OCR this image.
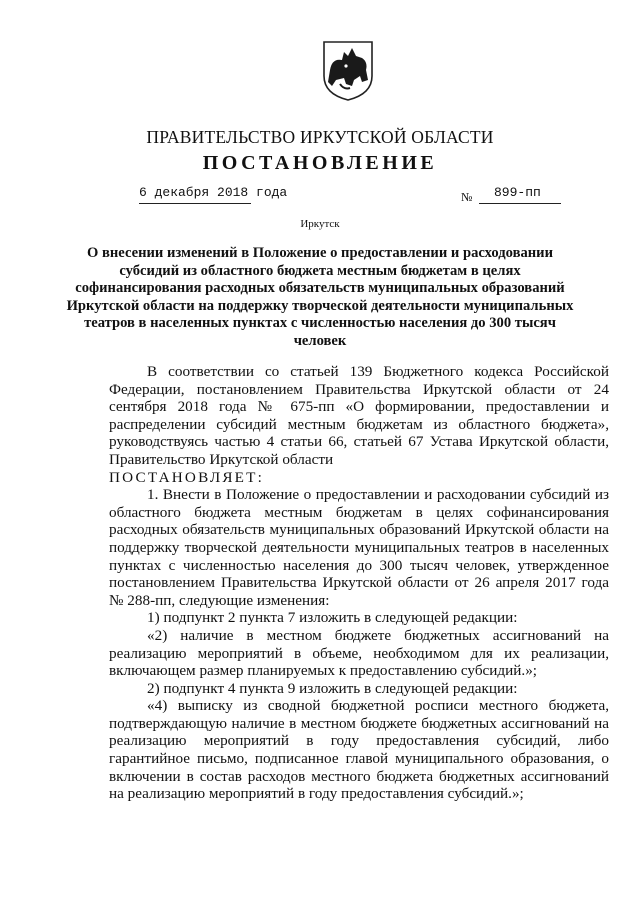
ПРАВИТЕЛЬСТВО ИРКУТСКОЙ ОБЛАСТИ
ПОСТАНОВЛЕНИЕ
6 декабря 2018 года	№ 899-пп
Иркутск
О внесении изменений в Положение о предоставлении и расходовании субсидий из областного бюджета местным бюджетам в целях софинансирования расходных обязательств муниципальных образований Иркутской области на поддержку творческой деятельности муниципальных театров в населенных пунктах с численностью населения до 300 тысяч человек

В соответствии со статьей 139 Бюджетного кодекса Российской Федерации, постановлением Правительства Иркутской области от 24 сентября 2018 года № 675-пп «О формировании, предоставлении и распределении субсидий местным бюджетам из областного бюджета», руководствуясь частью 4 статьи 66, статьей 67 Устава Иркутской области, Правительство Иркутской области

ПОСТАНОВЛЯЕТ:

1. Внести в Положение о предоставлении и расходовании субсидий из областного бюджета местным бюджетам в целях софинансирования расходных обязательств муниципальных образований Иркутской области на поддержку творческой деятельности муниципальных театров в населенных пунктах с численностью населения до 300 тысяч человек, утвержденное постановлением Правительства Иркутской области от 26 апреля 2017 года № 288-пп, следующие изменения:

1) подпункт 2 пункта 7 изложить в следующей редакции:

«2) наличие в местном бюджете бюджетных ассигнований на реализацию мероприятий в объеме, необходимом для их реализации, включающем размер планируемых к предоставлению субсидий.»;

2) подпункт 4 пункта 9 изложить в следующей редакции:

«4) выписку из сводной бюджетной росписи местного бюджета, подтверждающую наличие в местном бюджете бюджетных ассигнований на реализацию мероприятий в году предоставления субсидий, либо гарантийное письмо, подписанное главой муниципального образования, о включении в состав расходов местного бюджета бюджетных ассигнований на реализацию мероприятий в году предоставления субсидий.»;
